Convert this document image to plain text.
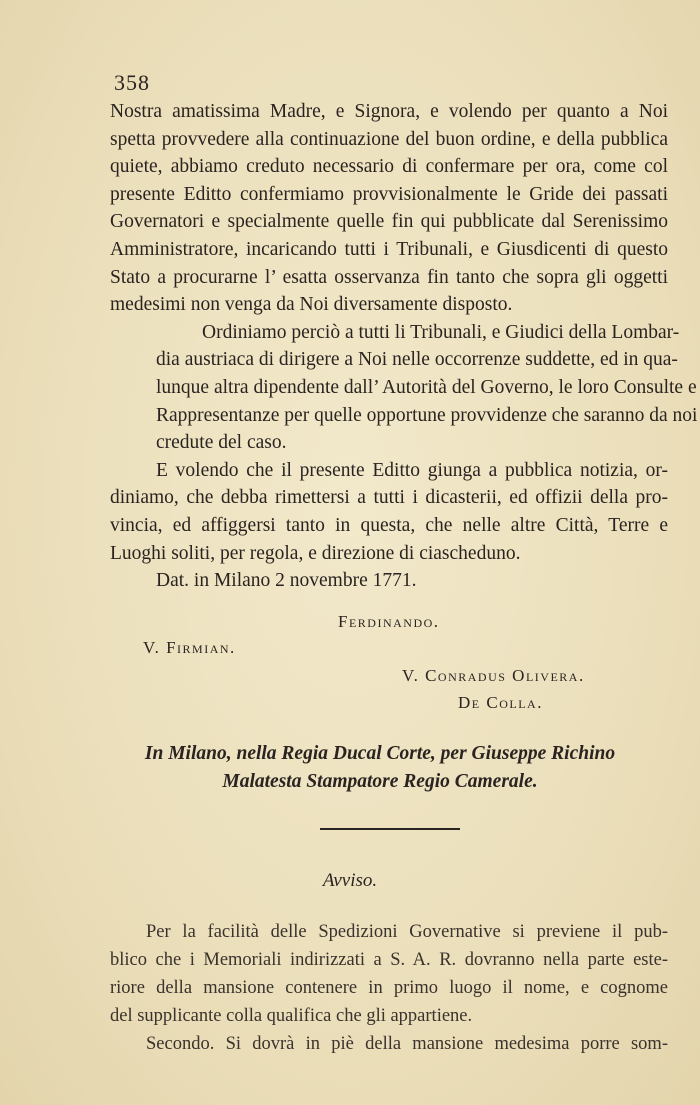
358

Nostra amatissima Madre, e Signora, e volendo per quanto a Noi
spetta provvedere alla continuazione del buon ordine, e della pubblica
quiete, abbiamo creduto necessario di confermare per ora, come col
presente Editto confermiamo provvisionalmente le Gride dei passati
Governatori e specialmente quelle fin qui pubblicate dal Serenissimo
Amministratore, incaricando tutti i Tribunali, e Giusdicenti di questo
Stato a procurarne l’ esatta osservanza fin tanto che sopra gli oggetti
medesimi non venga da Noi diversamente disposto.

Ordiniamo perciò a tutti li Tribunali, e Giudici della Lombar-
dia austriaca di dirigere a Noi nelle occorrenze suddette, ed in qua-
lunque altra dipendente dall’ Autorità del Governo, le loro Consulte e
Rappresentanze per quelle opportune provvidenze che saranno da noi
credute del caso.

E volendo che il presente Editto giunga a pubblica notizia, or-
diniamo, che debba rimettersi a tutti i dicasterii, ed offizii della pro-
vincia, ed affiggersi tanto in questa, che nelle altre Città, Terre e
Luoghi soliti, per regola, e direzione di ciascheduno.

Dat. in Milano 2 novembre 1771.

Ferdinando.
V. Firmian.
V. Conradus Olivera.
De Colla.
In Milano, nella Regia Ducal Corte, per Giuseppe Richino
Malatesta Stampatore Regio Camerale.
Avviso.

Per la facilità delle Spedizioni Governative si previene il pub-
blico che i Memoriali indirizzati a S. A. R. dovranno nella parte este-
riore della mansione contenere in primo luogo il nome, e cognome
del supplicante colla qualifica che gli appartiene.

Secondo. Si dovrà in piè della mansione medesima porre som-
